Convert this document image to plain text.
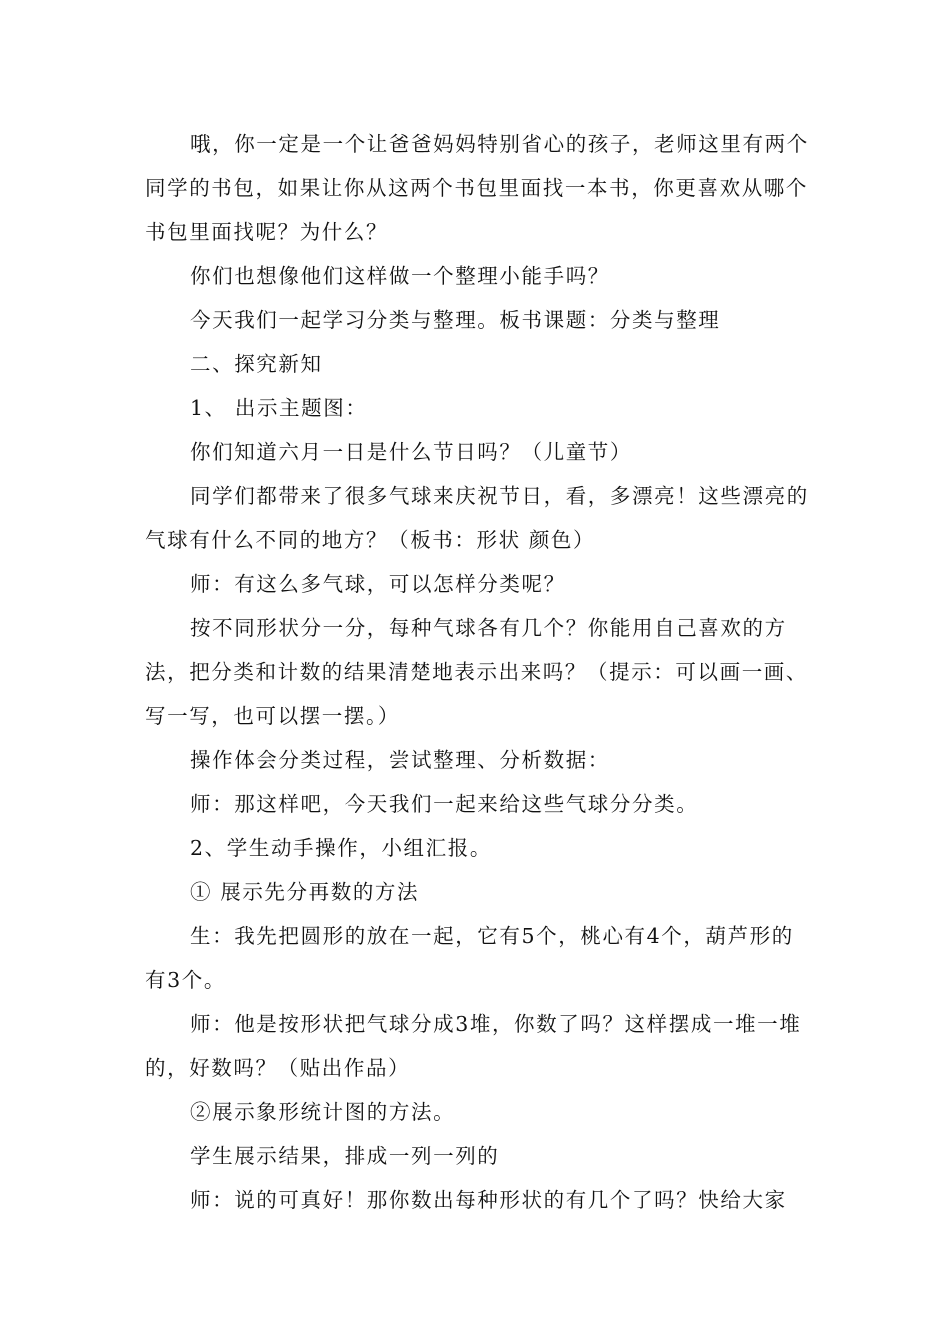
哦，你一定是一个让爸爸妈妈特别省心的孩子，老师这里有两个同学的书包，如果让你从这两个书包里面找一本书，你更喜欢从哪个书包里面找呢？为什么？

你们也想像他们这样做一个整理小能手吗？

今天我们一起学习分类与整理。板书课题：分类与整理

二、探究新知

1、 出示主题图：

你们知道六月一日是什么节日吗？（儿童节）

同学们都带来了很多气球来庆祝节日，看，多漂亮！这些漂亮的气球有什么不同的地方？（板书：形状 颜色）

师：有这么多气球，可以怎样分类呢？

按不同形状分一分，每种气球各有几个？你能用自己喜欢的方法，把分类和计数的结果清楚地表示出来吗？（提示：可以画一画、写一写，也可以摆一摆。）

操作体会分类过程，尝试整理、分析数据：

师：那这样吧，今天我们一起来给这些气球分分类。

2、学生动手操作，小组汇报。

① 展示先分再数的方法

生：我先把圆形的放在一起，它有5个，桃心有4个，葫芦形的有3个。

师：他是按形状把气球分成3堆，你数了吗？这样摆成一堆一堆的，好数吗？（贴出作品）

②展示象形统计图的方法。

学生展示结果，排成一列一列的

师：说的可真好！那你数出每种形状的有几个了吗？快给大家
